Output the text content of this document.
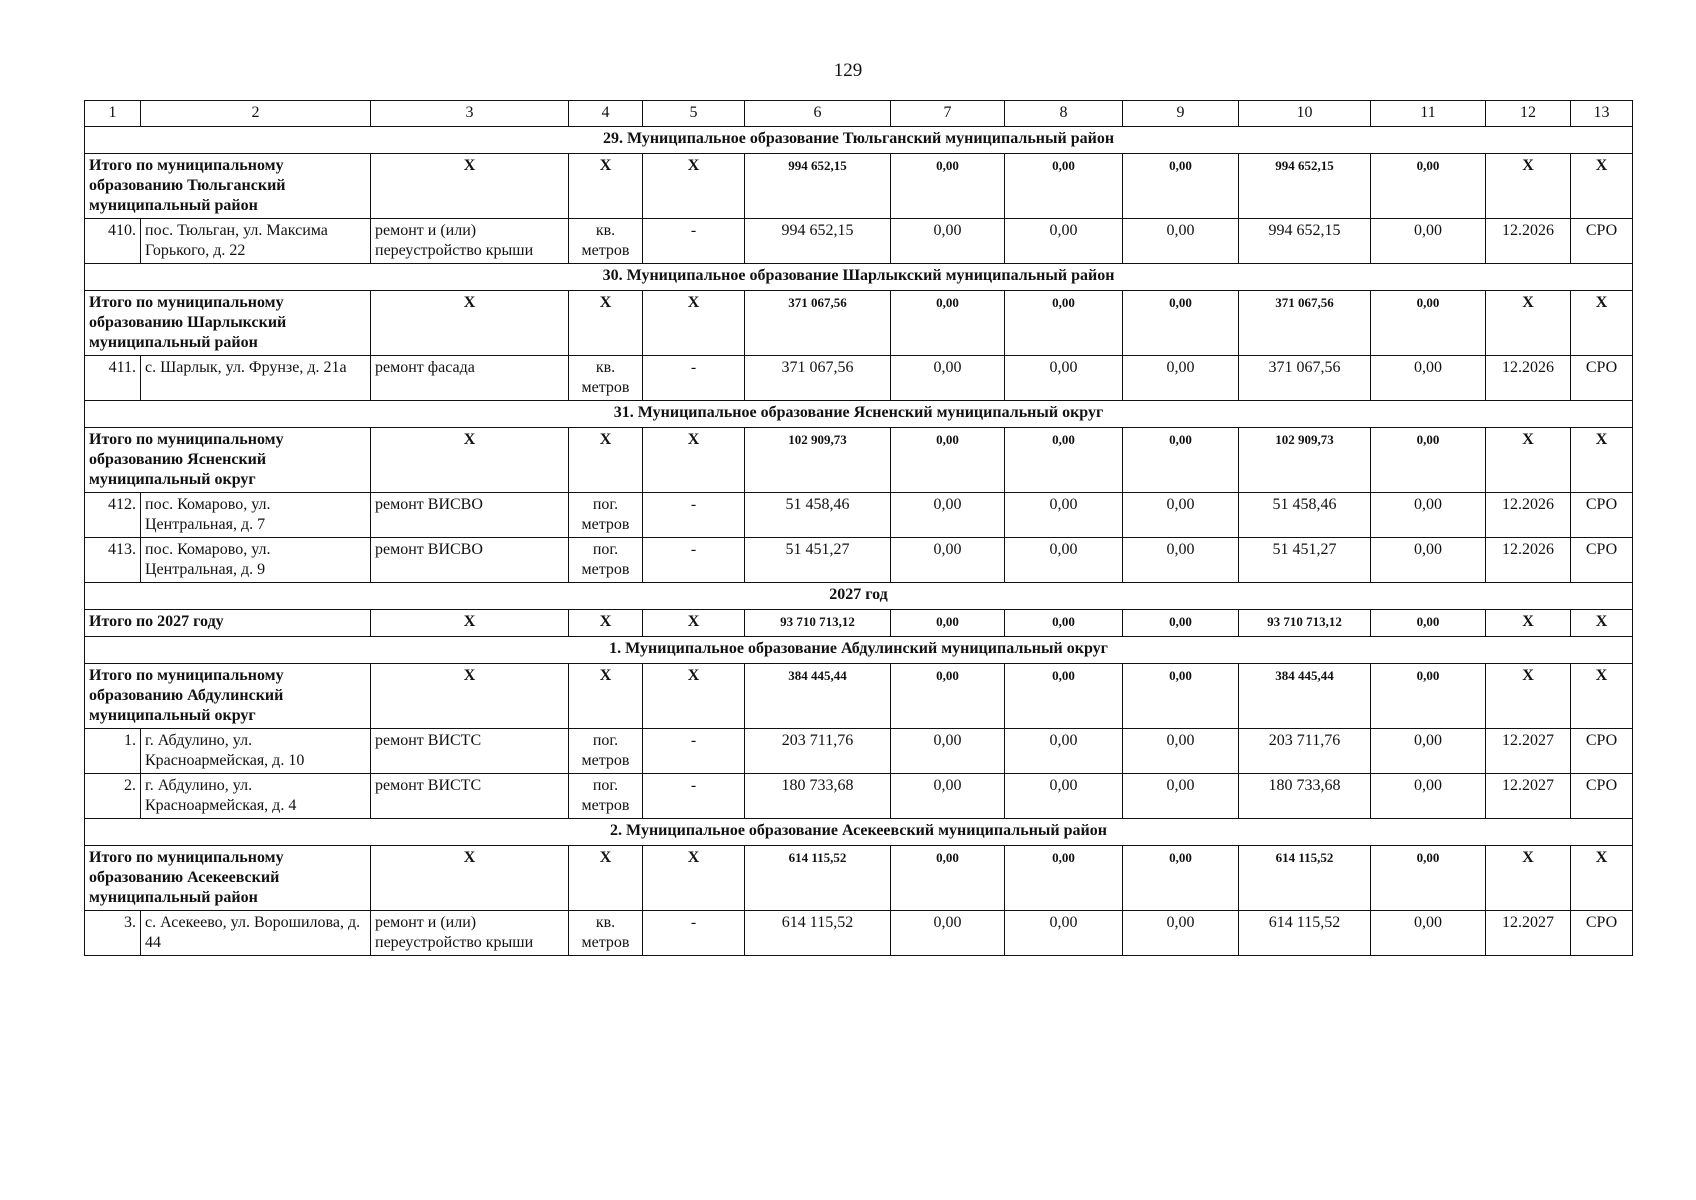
129
1	2	3	4	5	6	7	8	9	10	11	12	13
29. Муниципальное образование Тюльганский муниципальный район												
Итого по муниципальному образованию Тюльганский муниципальный район		X	X	X	994 652,15	0,00	0,00	0,00	994 652,15	0,00	X	X
410.	пос. Тюльган, ул. Максима Горького, д. 22	ремонт и (или) переустройство крыши	кв. метров	-	994 652,15	0,00	0,00	0,00	994 652,15	0,00	12.2026	СРО
30. Муниципальное образование Шарлыкский муниципальный район												
Итого по муниципальному образованию Шарлыкский муниципальный район		X	X	X	371 067,56	0,00	0,00	0,00	371 067,56	0,00	X	X
411.	с. Шарлык, ул. Фрунзе, д. 21а	ремонт фасада	кв. метров	-	371 067,56	0,00	0,00	0,00	371 067,56	0,00	12.2026	СРО
31. Муниципальное образование Ясненский муниципальный округ												
Итого по муниципальному образованию Ясненский муниципальный округ		X	X	X	102 909,73	0,00	0,00	0,00	102 909,73	0,00	X	X
412.	пос. Комарово, ул. Центральная, д. 7	ремонт ВИСВО	пог. метров	-	51 458,46	0,00	0,00	0,00	51 458,46	0,00	12.2026	СРО
413.	пос. Комарово, ул. Центральная, д. 9	ремонт ВИСВО	пог. метров	-	51 451,27	0,00	0,00	0,00	51 451,27	0,00	12.2026	СРО
2027 год												
Итого по 2027 году		X	X	X	93 710 713,12	0,00	0,00	0,00	93 710 713,12	0,00	X	X
1. Муниципальное образование Абдулинский муниципальный округ												
Итого по муниципальному образованию Абдулинский муниципальный округ		X	X	X	384 445,44	0,00	0,00	0,00	384 445,44	0,00	X	X
1.	г. Абдулино, ул. Красноармейская, д. 10	ремонт ВИСТС	пог. метров	-	203 711,76	0,00	0,00	0,00	203 711,76	0,00	12.2027	СРО
2.	г. Абдулино, ул. Красноармейская, д. 4	ремонт ВИСТС	пог. метров	-	180 733,68	0,00	0,00	0,00	180 733,68	0,00	12.2027	СРО
2. Муниципальное образование Асекеевский муниципальный район												
Итого по муниципальному образованию Асекеевский муниципальный район		X	X	X	614 115,52	0,00	0,00	0,00	614 115,52	0,00	X	X
3.	с. Асекеево, ул. Ворошилова, д. 44	ремонт и (или) переустройство крыши	кв. метров	-	614 115,52	0,00	0,00	0,00	614 115,52	0,00	12.2027	СРО
